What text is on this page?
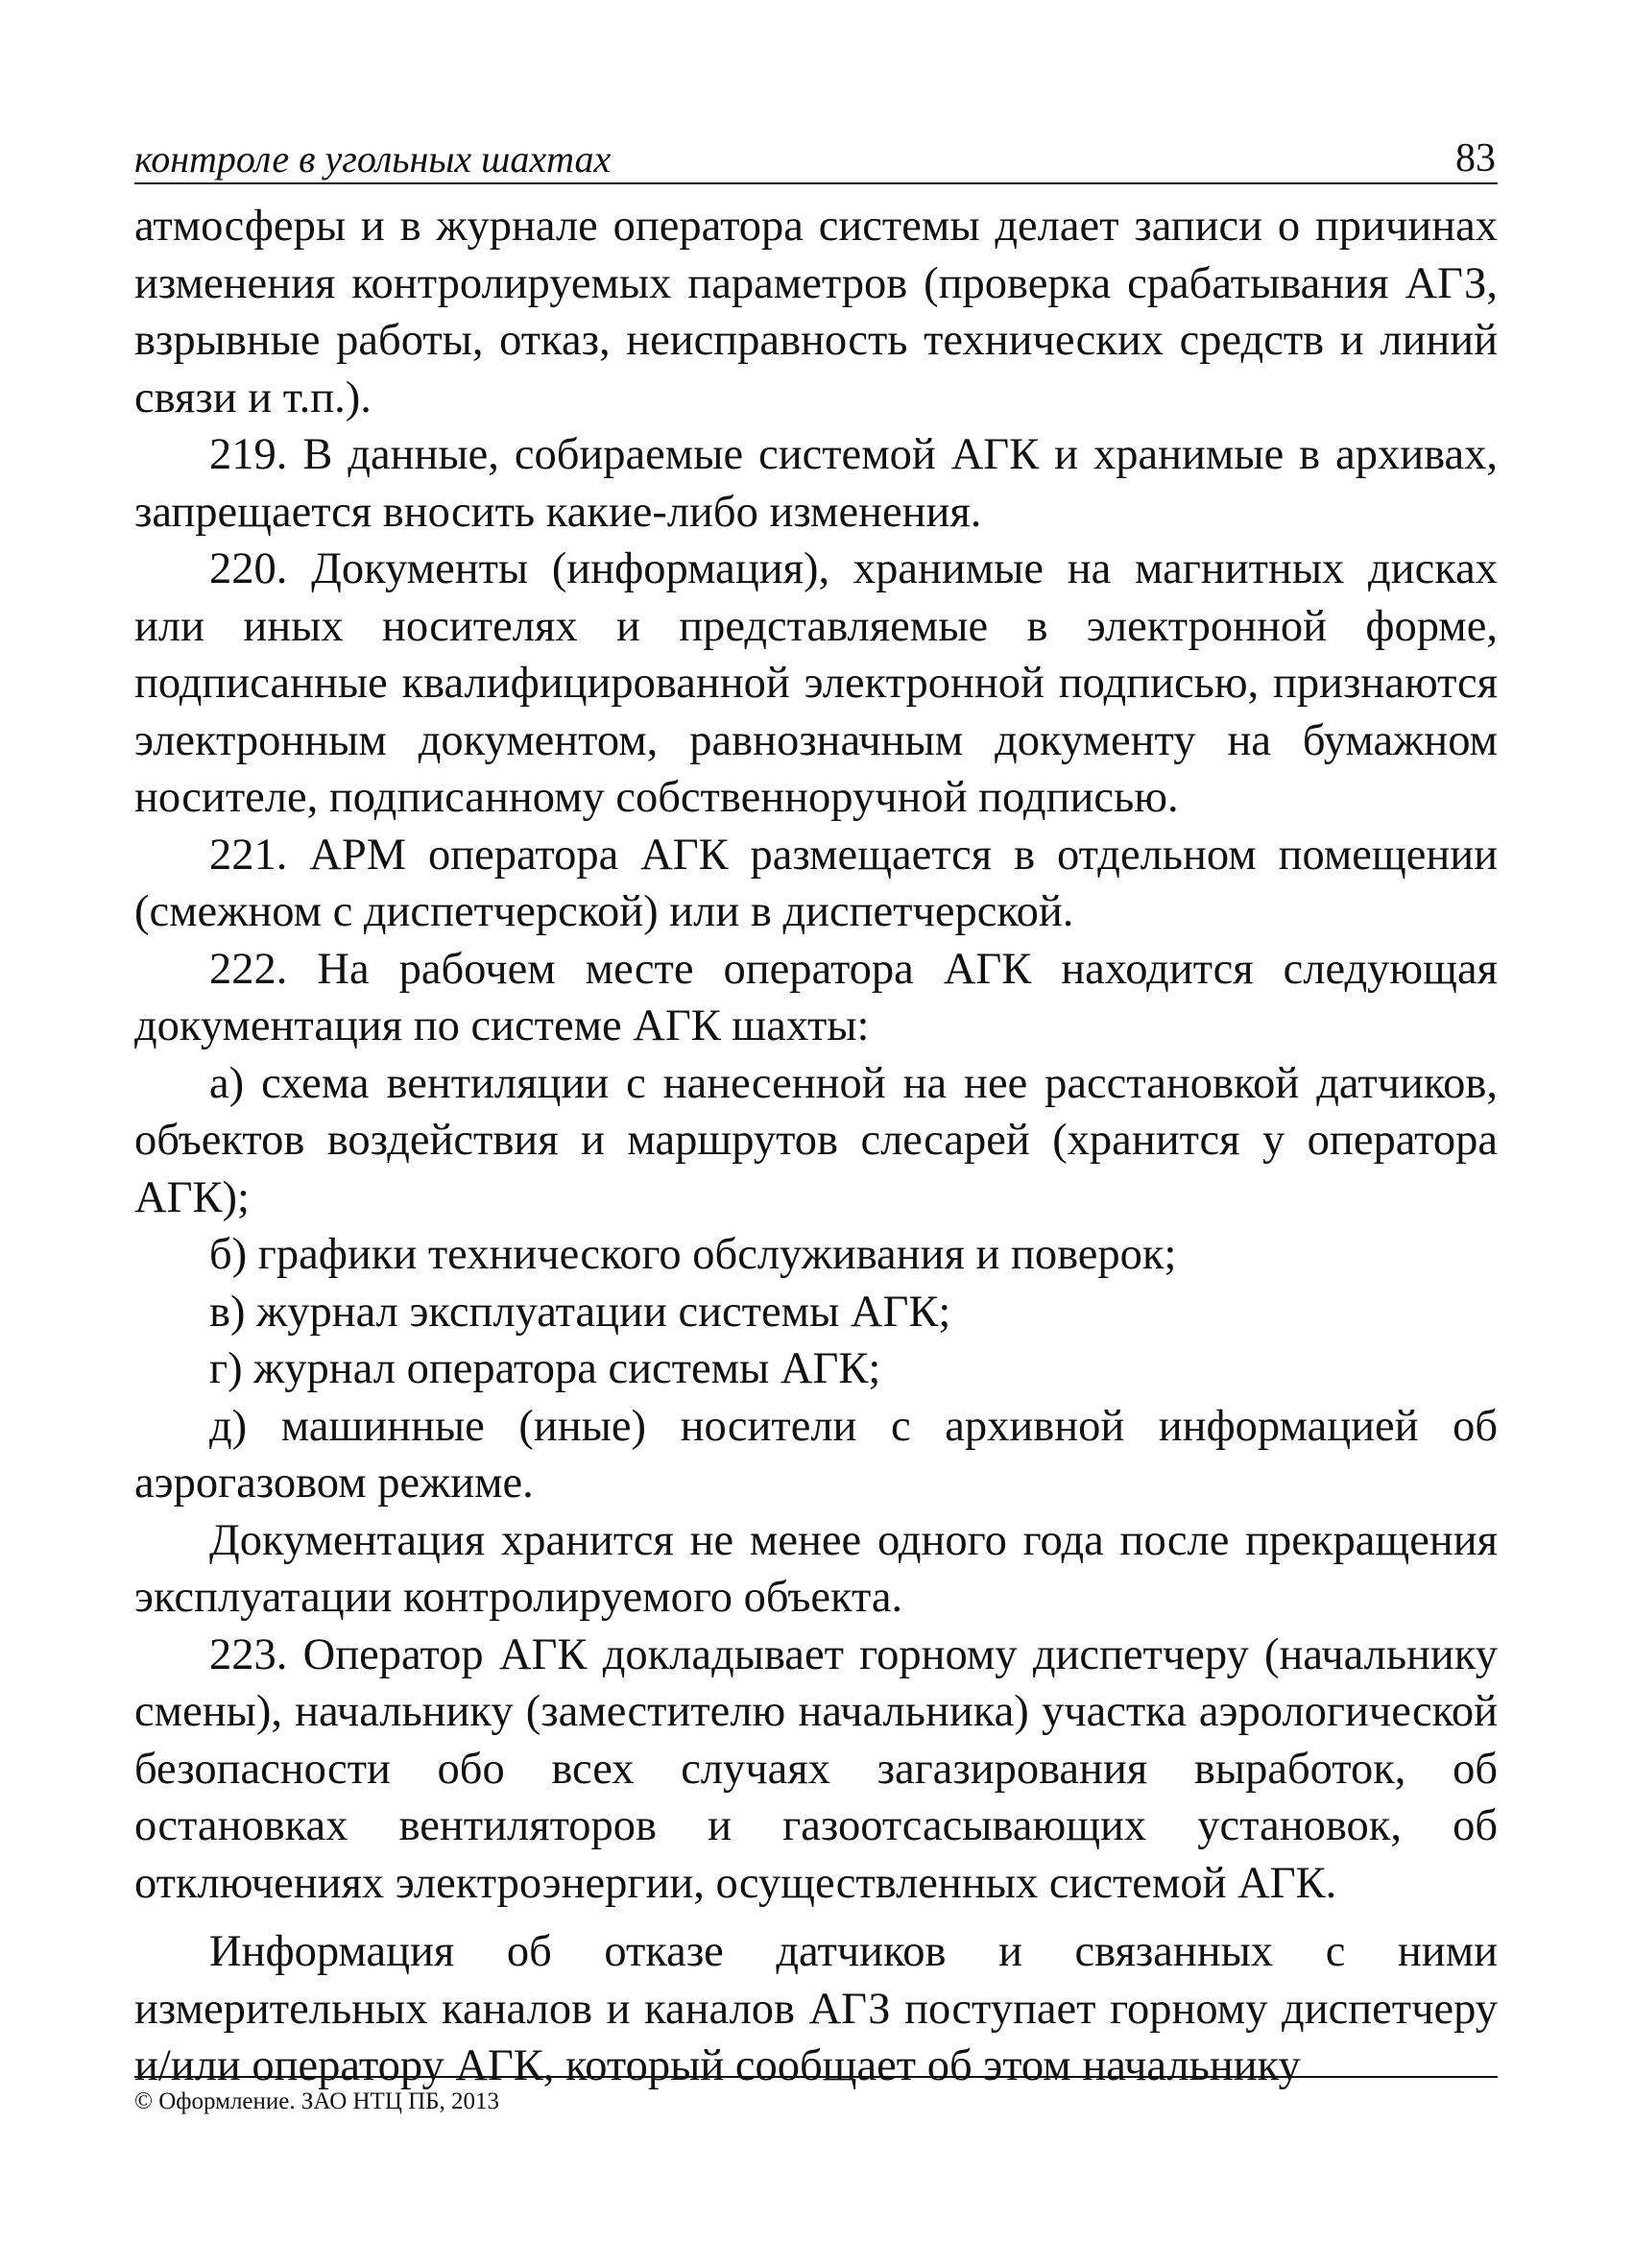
контроле в угольных шахтах	83

атмосферы и в журнале оператора системы делает записи о причинах изменения контролируемых параметров (проверка срабатывания АГЗ, взрывные работы, отказ, неисправность технических средств и линий связи и т.п.).

219. В данные, собираемые системой АГК и хранимые в архивах, запрещается вносить какие-либо изменения.

220. Документы (информация), хранимые на магнитных дисках или иных носителях и представляемые в электронной форме, подписанные квалифицированной электронной подписью, признаются электронным документом, равнозначным документу на бумажном носителе, подписанному собственноручной подписью.

221. АРМ оператора АГК размещается в отдельном помещении (смежном с диспетчерской) или в диспетчерской.

222. На рабочем месте оператора АГК находится следующая документация по системе АГК шахты:

а) схема вентиляции с нанесенной на нее расстановкой датчиков, объектов воздействия и маршрутов слесарей (хранится у оператора АГК);

б) графики технического обслуживания и поверок;

в) журнал эксплуатации системы АГК;

г) журнал оператора системы АГК;

д) машинные (иные) носители с архивной информацией об аэрогазовом режиме.

Документация хранится не менее одного года после прекращения эксплуатации контролируемого объекта.

223. Оператор АГК докладывает горному диспетчеру (начальнику смены), начальнику (заместителю начальника) участка аэрологической безопасности обо всех случаях загазирования выработок, об остановках вентиляторов и газоотсасывающих установок, об отключениях электроэнергии, осуществленных системой АГК.

Информация об отказе датчиков и связанных с ними измерительных каналов и каналов АГЗ поступает горному диспетчеру и/или оператору АГК, который сообщает об этом начальнику

© Оформление. ЗАО НТЦ ПБ, 2013
